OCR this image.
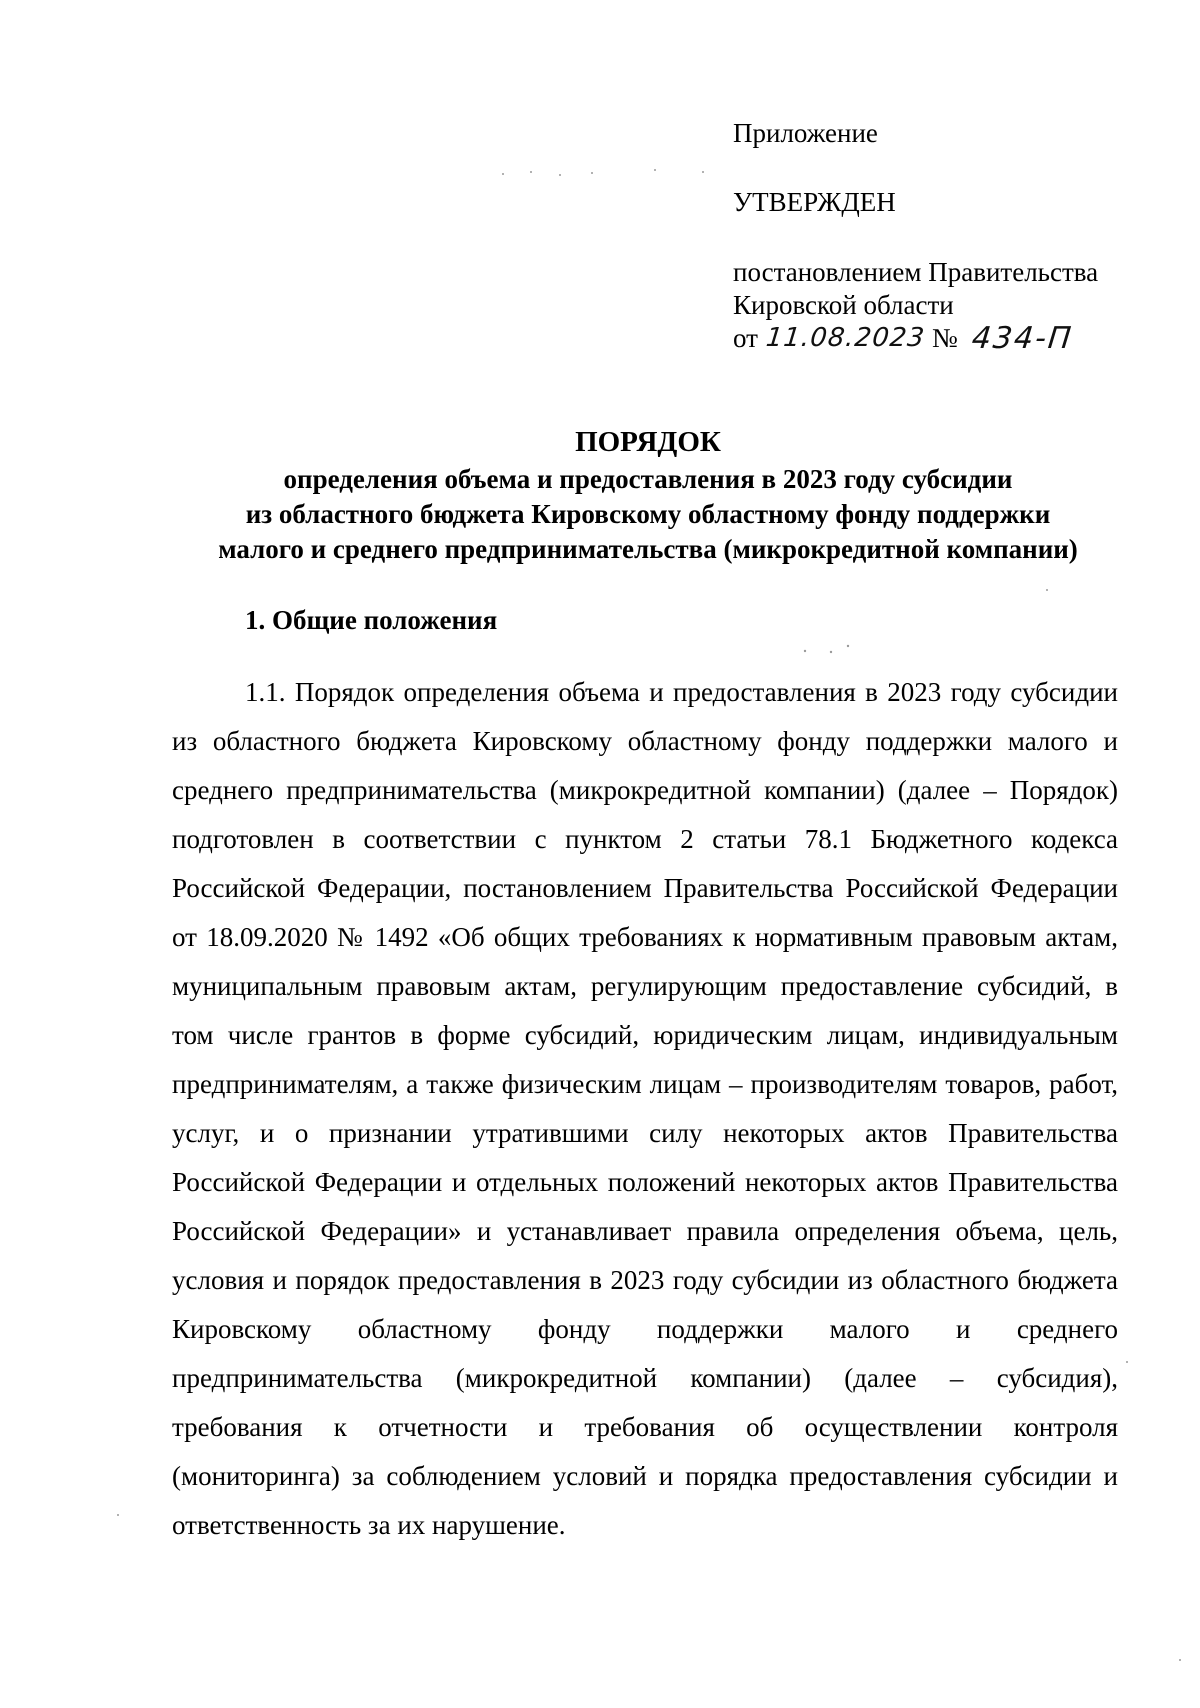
Приложение
УТВЕРЖДЕН
постановлением Правительства
Кировской области
от 11.08.2023 № 434-П
ПОРЯДОК
определения объема и предоставления в 2023 году субсидии
из областного бюджета Кировскому областному фонду поддержки
малого и среднего предпринимательства (микрокредитной компании)
1. Общие положения
1.1. Порядок определения объема и предоставления в 2023 году субсидии из областного бюджета Кировскому областному фонду поддержки малого и среднего предпринимательства (микрокредитной компании) (далее – Порядок) подготовлен в соответствии с пунктом 2 статьи 78.1 Бюджетного кодекса Российской Федерации, постановлением Правительства Российской Федерации от 18.09.2020 № 1492 «Об общих требованиях к нормативным правовым актам, муниципальным правовым актам, регулирующим предоставление субсидий, в том числе грантов в форме субсидий, юридическим лицам, индивидуальным предпринимателям, а также физическим лицам – производителям товаров, работ, услуг, и о признании утратившими силу некоторых актов Правительства Российской Федерации и отдельных положений некоторых актов Правительства Российской Федерации» и устанавливает правила определения объема, цель, условия и порядок предоставления в 2023 году субсидии из областного бюджета Кировскому областному фонду поддержки малого и среднего предпринимательства (микрокредитной компании) (далее – субсидия), требования к отчетности и требования об осуществлении контроля (мониторинга) за соблюдением условий и порядка предоставления субсидии и ответственность за их нарушение.
